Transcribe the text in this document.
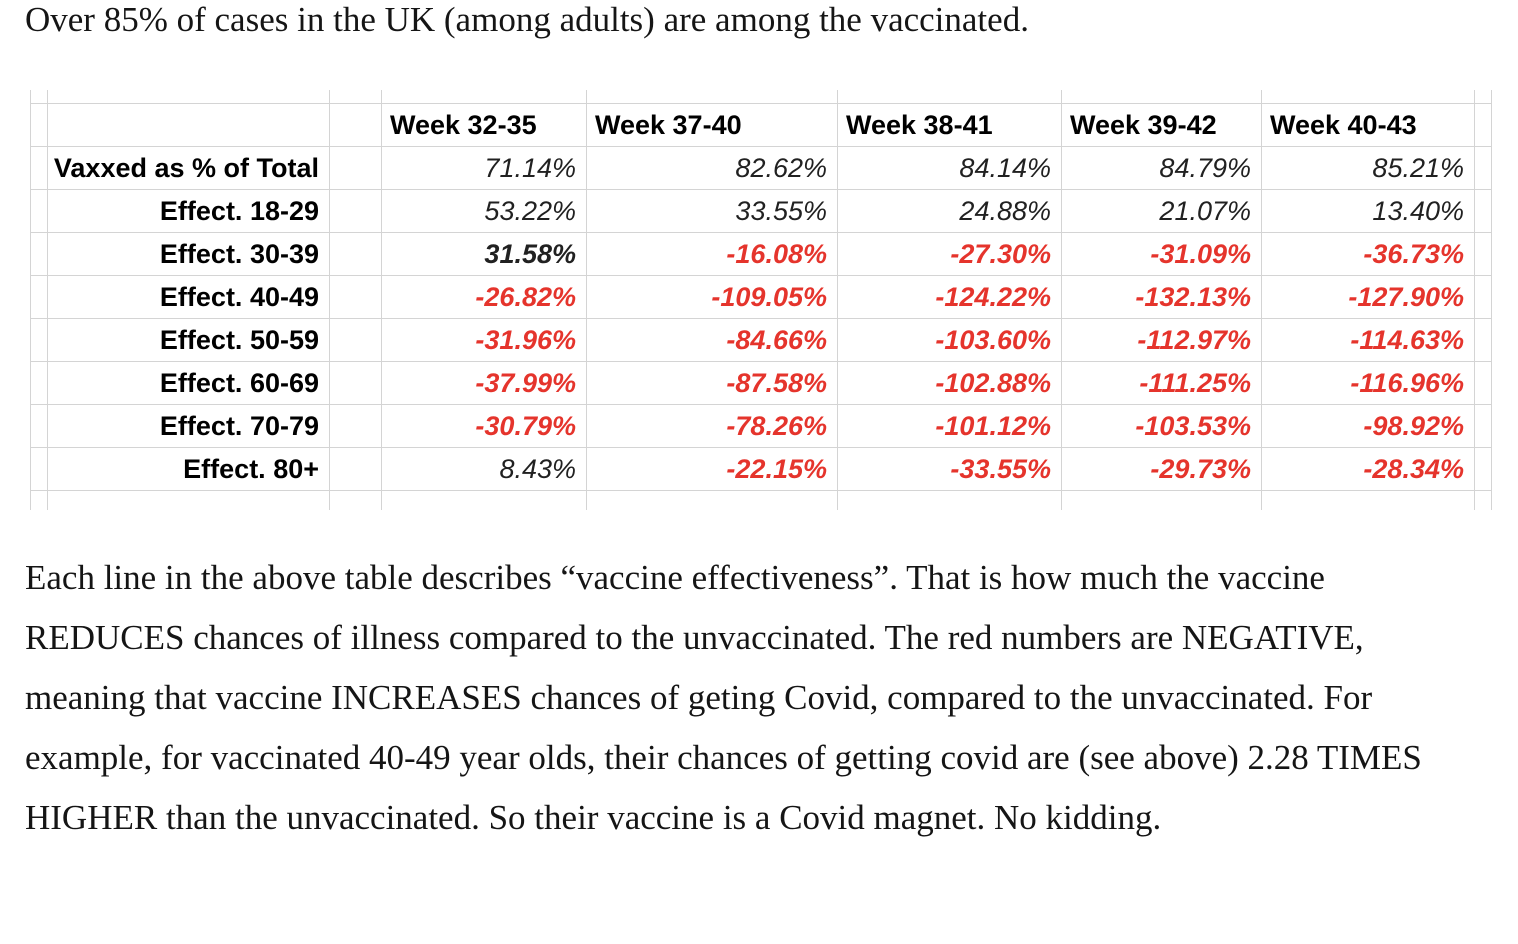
Over 85% of cases in the UK (among adults) are among the vaccinated.

			Week 32-35	Week 37-40	Week 38-41	Week 39-42	Week 40-43	
	Vaxxed as % of Total		71.14%	82.62%	84.14%	84.79%	85.21%	
	Effect. 18-29		53.22%	33.55%	24.88%	21.07%	13.40%	
	Effect. 30-39		31.58%	-16.08%	-27.30%	-31.09%	-36.73%	
	Effect. 40-49		-26.82%	-109.05%	-124.22%	-132.13%	-127.90%	
	Effect. 50-59		-31.96%	-84.66%	-103.60%	-112.97%	-114.63%	
	Effect. 60-69		-37.99%	-87.58%	-102.88%	-111.25%	-116.96%	
	Effect. 70-79		-30.79%	-78.26%	-101.12%	-103.53%	-98.92%	
	Effect. 80+		8.43%	-22.15%	-33.55%	-29.73%	-28.34%	

Each line in the above table describes “vaccine effectiveness”. That is how much the vaccine REDUCES chances of illness compared to the unvaccinated. The red numbers are NEGATIVE, meaning that vaccine INCREASES chances of geting Covid, compared to the unvaccinated. For example, for vaccinated 40-49 year olds, their chances of getting covid are (see above) 2.28 TIMES HIGHER than the unvaccinated. So their vaccine is a Covid magnet. No kidding.
